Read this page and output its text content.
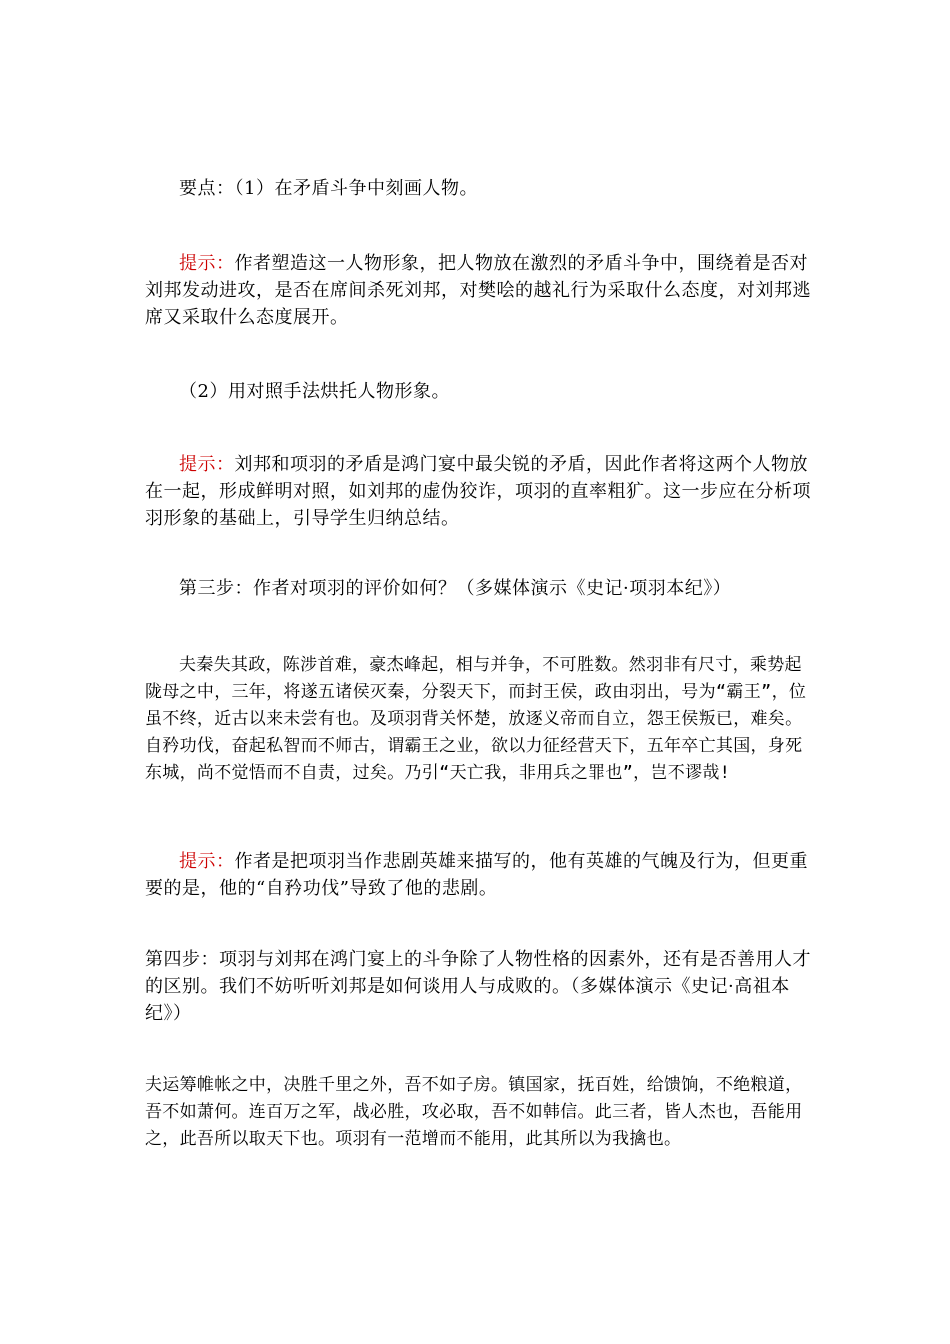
要点：（1）在矛盾斗争中刻画人物。

提示：作者塑造这一人物形象，把人物放在激烈的矛盾斗争中，围绕着是否对刘邦发动进攻，是否在席间杀死刘邦，对樊哙的越礼行为采取什么态度，对刘邦逃席又采取什么态度展开。

（2）用对照手法烘托人物形象。

提示：刘邦和项羽的矛盾是鸿门宴中最尖锐的矛盾，因此作者将这两个人物放在一起，形成鲜明对照，如刘邦的虚伪狡诈，项羽的直率粗犷。这一步应在分析项羽形象的基础上，引导学生归纳总结。

第三步：作者对项羽的评价如何？（多媒体演示《史记·项羽本纪》）

夫秦失其政，陈涉首难，豪杰峰起，相与并争，不可胜数。然羽非有尺寸，乘势起陇母之中，三年，将遂五诸侯灭秦，分裂天下，而封王侯，政由羽出，号为“霸王”，位虽不终，近古以来未尝有也。及项羽背关怀楚，放逐义帝而自立，怨王侯叛已，难矣。自矜功伐，奋起私智而不师古，谓霸王之业，欲以力征经营天下，五年卒亡其国，身死东城，尚不觉悟而不自责，过矣。乃引“天亡我，非用兵之罪也”，岂不谬哉!

提示：作者是把项羽当作悲剧英雄来描写的，他有英雄的气魄及行为，但更重要的是，他的“自矜功伐”导致了他的悲剧。

第四步：项羽与刘邦在鸿门宴上的斗争除了人物性格的因素外，还有是否善用人才的区别。我们不妨听听刘邦是如何谈用人与成败的。（多媒体演示《史记·高祖本纪》）

夫运筹帷帐之中，决胜千里之外，吾不如子房。镇国家，抚百姓，给馈饷，不绝粮道，吾不如萧何。连百万之军，战必胜，攻必取，吾不如韩信。此三者，皆人杰也，吾能用之，此吾所以取天下也。项羽有一范增而不能用，此其所以为我擒也。
